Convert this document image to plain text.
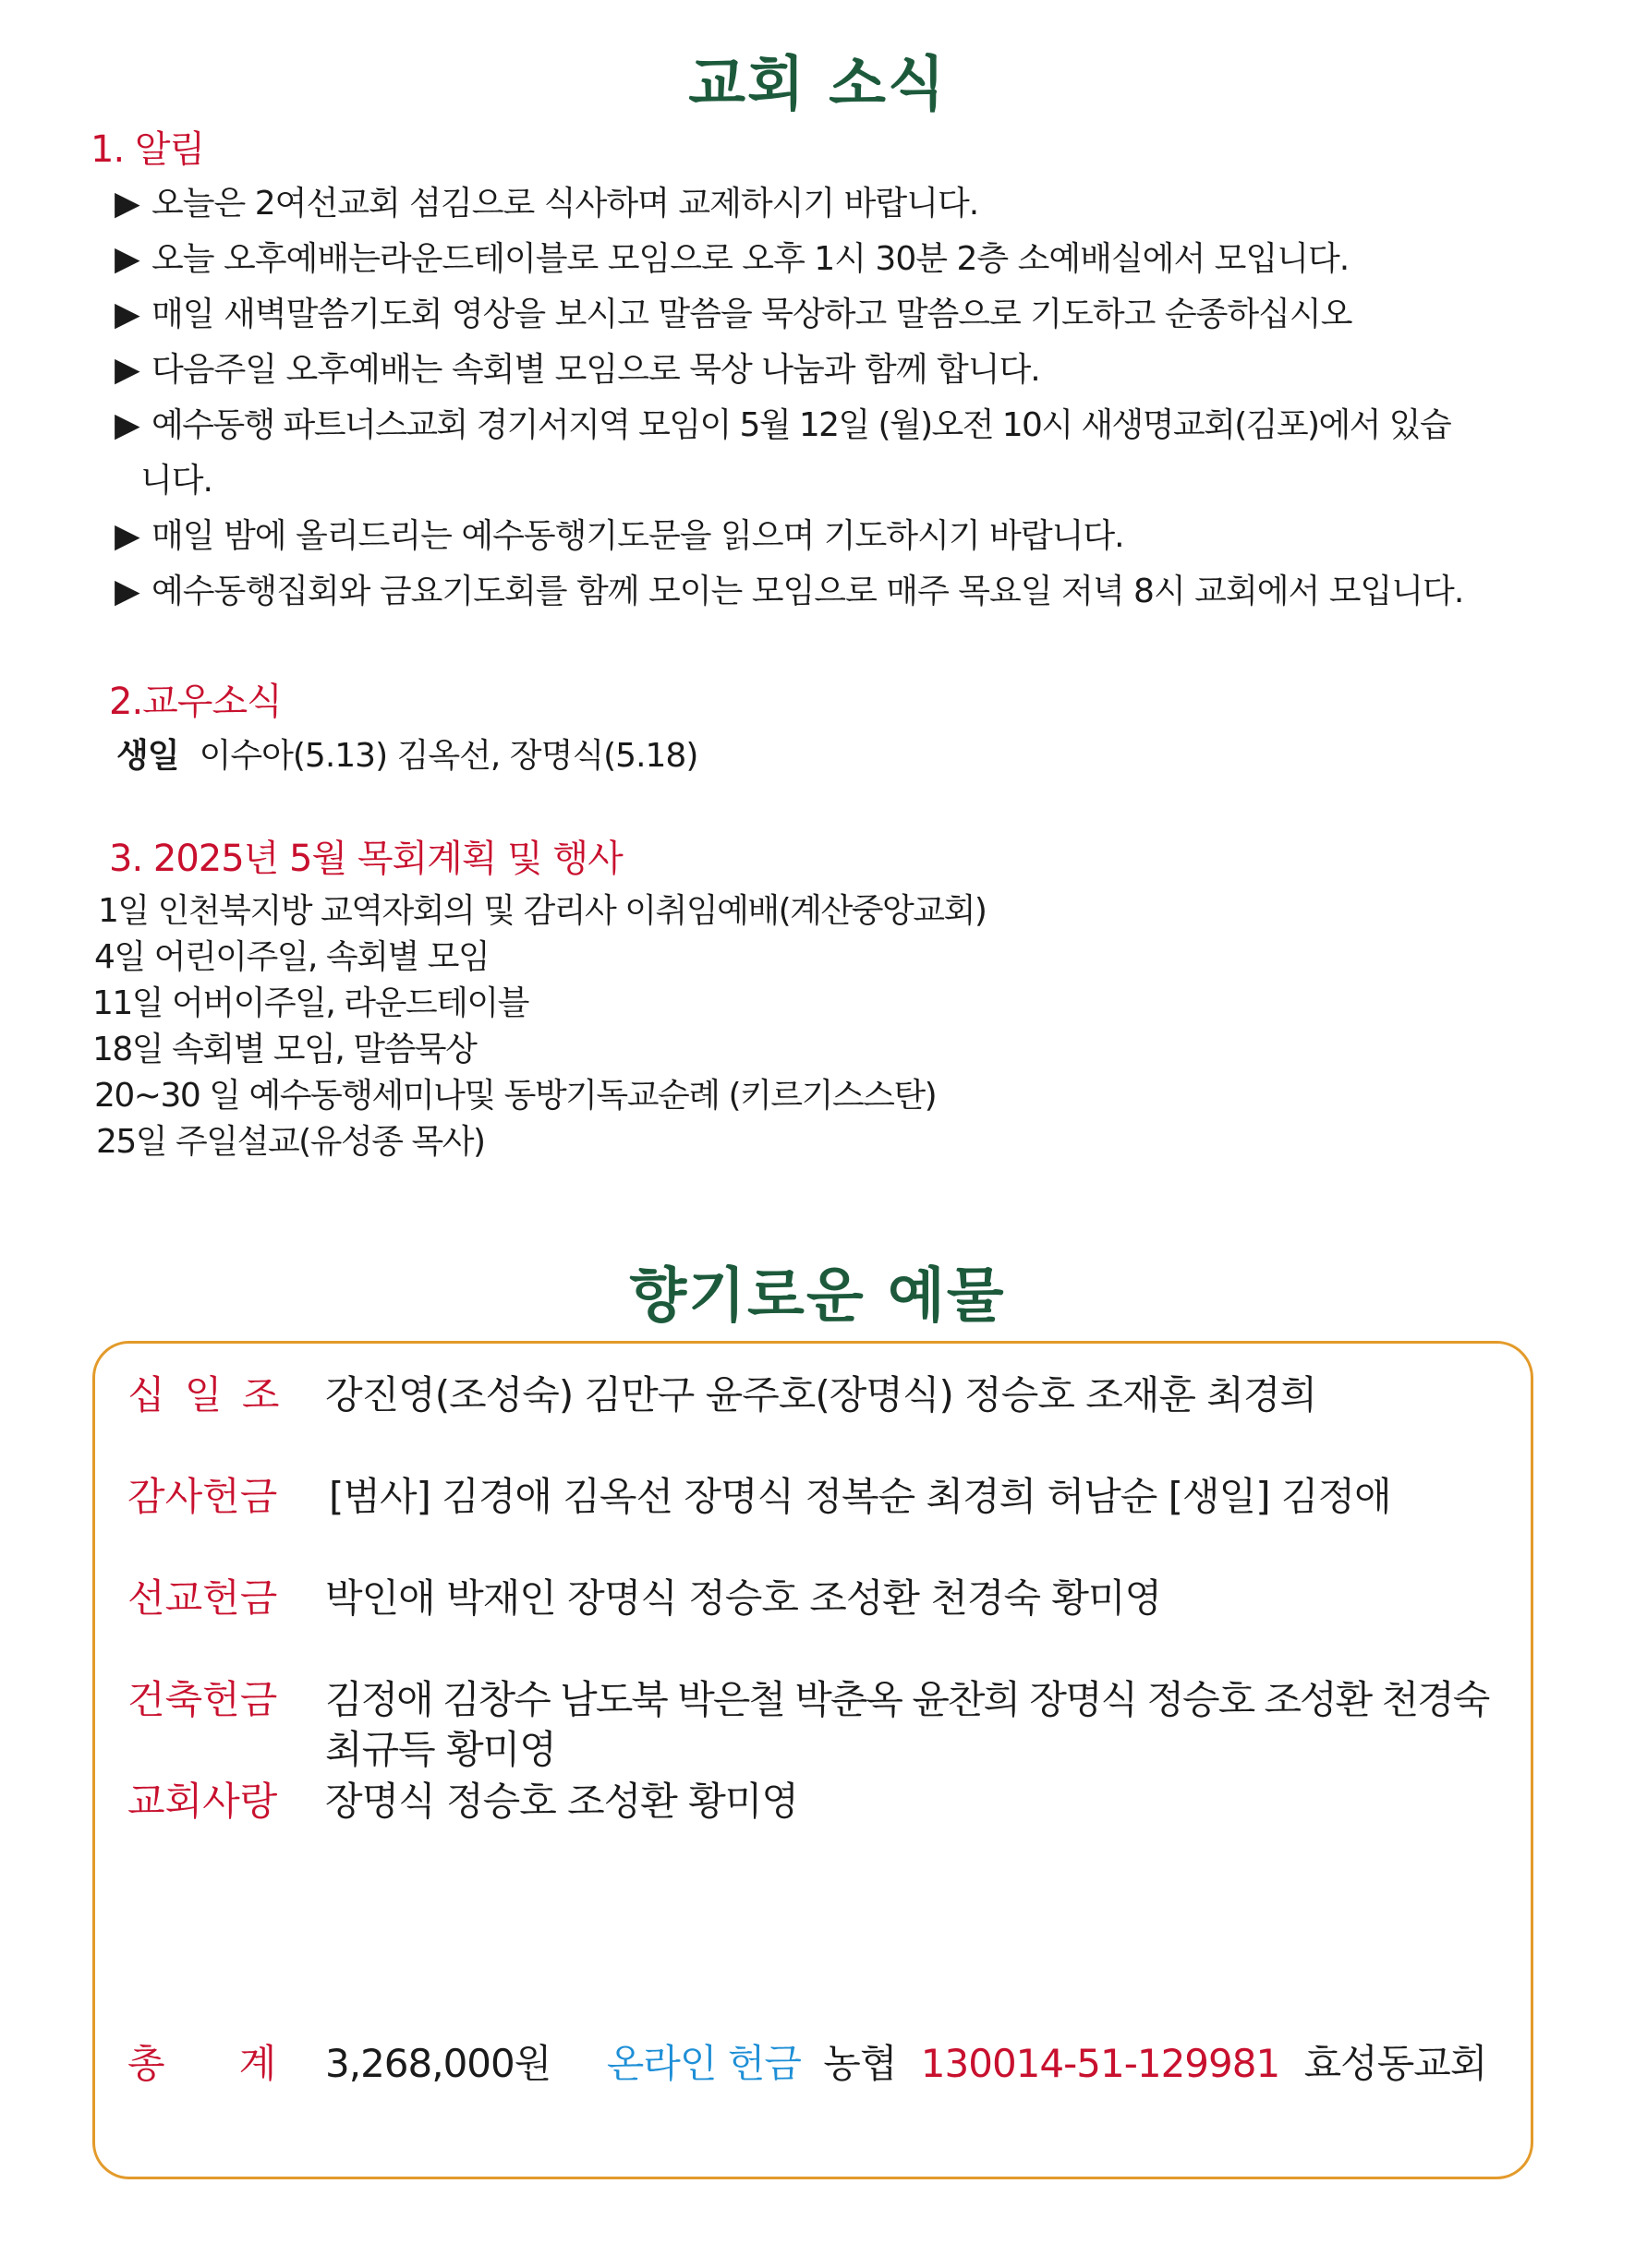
교회 소식
1. 알림
▶ 오늘은 2여선교회 섬김으로 식사하며 교제하시기 바랍니다.
▶ 오늘 오후예배는라운드테이블로 모임으로 오후 1시 30분 2층 소예배실에서 모입니다.
▶ 매일 새벽말씀기도회 영상을 보시고 말씀을 묵상하고 말씀으로 기도하고 순종하십시오
▶ 다음주일 오후예배는 속회별 모임으로 묵상 나눔과 함께 합니다.
▶ 예수동행 파트너스교회 경기서지역 모임이 5월 12일 (월)오전 10시 새생명교회(김포)에서 있습
니다.
▶ 매일 밤에 올리드리는 예수동행기도문을 읽으며 기도하시기 바랍니다.
▶ 예수동행집회와 금요기도회를 함께 모이는 모임으로 매주 목요일 저녁 8시 교회에서 모입니다.
2.교우소식
생일 이수아(5.13) 김옥선, 장명식(5.18)
3. 2025년 5월 목회계획 및 행사
1일 인천북지방 교역자회의 및 감리사 이취임예배(계산중앙교회)
4일 어린이주일, 속회별 모임
11일 어버이주일, 라운드테이블
18일 속회별 모임, 말씀묵상
20~30 일 예수동행세미나및 동방기독교순례 (키르기스스탄)
25일 주일설교(유성종 목사)
향기로운 예물
십 일 조 강진영(조성숙) 김만구 윤주호(장명식) 정승호 조재훈 최경희
감사헌금 [범사] 김경애 김옥선 장명식 정복순 최경희 허남순 [생일] 김정애
선교헌금 박인애 박재인 장명식 정승호 조성환 천경숙 황미영
건축헌금 김정애 김창수 남도북 박은철 박춘옥 윤찬희 장명식 정승호 조성환 천경숙
최규득 황미영
교회사랑 장명식 정승호 조성환 황미영
총      계 3,268,000원 온라인 헌금 농협 130014-51-129981 효성동교회
